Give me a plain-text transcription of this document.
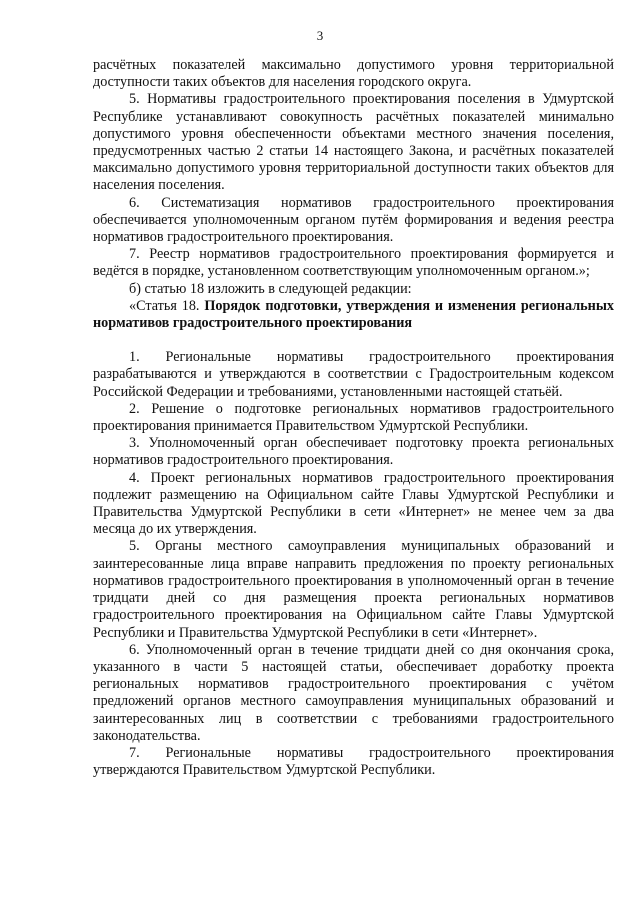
3

расчётных показателей максимально допустимого уровня территориальной доступности таких объектов для населения городского округа.

5. Нормативы градостроительного проектирования поселения в Удмуртской Республике устанавливают совокупность расчётных показателей минимально допустимого уровня обеспеченности объектами местного значения поселения, предусмотренных частью 2 статьи 14 настоящего Закона, и расчётных показателей максимально допустимого уровня территориальной доступности таких объектов для населения поселения.

6. Систематизация нормативов градостроительного проектирования обеспечивается уполномоченным органом путём формирования и ведения реестра нормативов градостроительного проектирования.

7. Реестр нормативов градостроительного проектирования формируется и ведётся в порядке, установленном соответствующим уполномоченным органом.»;

б) статью 18 изложить в следующей редакции:

«Статья 18. Порядок подготовки, утверждения и изменения региональных нормативов градостроительного проектирования

1. Региональные нормативы градостроительного проектирования разрабатываются и утверждаются в соответствии с Градостроительным кодексом Российской Федерации и требованиями, установленными настоящей статьёй.

2. Решение о подготовке региональных нормативов градостроительного проектирования принимается Правительством Удмуртской Республики.

3. Уполномоченный орган обеспечивает подготовку проекта региональных нормативов градостроительного проектирования.

4. Проект региональных нормативов градостроительного проектирования подлежит размещению на Официальном сайте Главы Удмуртской Республики и Правительства Удмуртской Республики в сети «Интернет» не менее чем за два месяца до их утверждения.

5. Органы местного самоуправления муниципальных образований и заинтересованные лица вправе направить предложения по проекту региональных нормативов градостроительного проектирования в уполномоченный орган в течение тридцати дней со дня размещения проекта региональных нормативов градостроительного проектирования на Официальном сайте Главы Удмуртской Республики и Правительства Удмуртской Республики в сети «Интернет».

6. Уполномоченный орган в течение тридцати дней со дня окончания срока, указанного в части 5 настоящей статьи, обеспечивает доработку проекта региональных нормативов градостроительного проектирования с учётом предложений органов местного самоуправления муниципальных образований и заинтересованных лиц в соответствии с требованиями градостроительного законодательства.

7. Региональные нормативы градостроительного проектирования утверждаются Правительством Удмуртской Республики.
